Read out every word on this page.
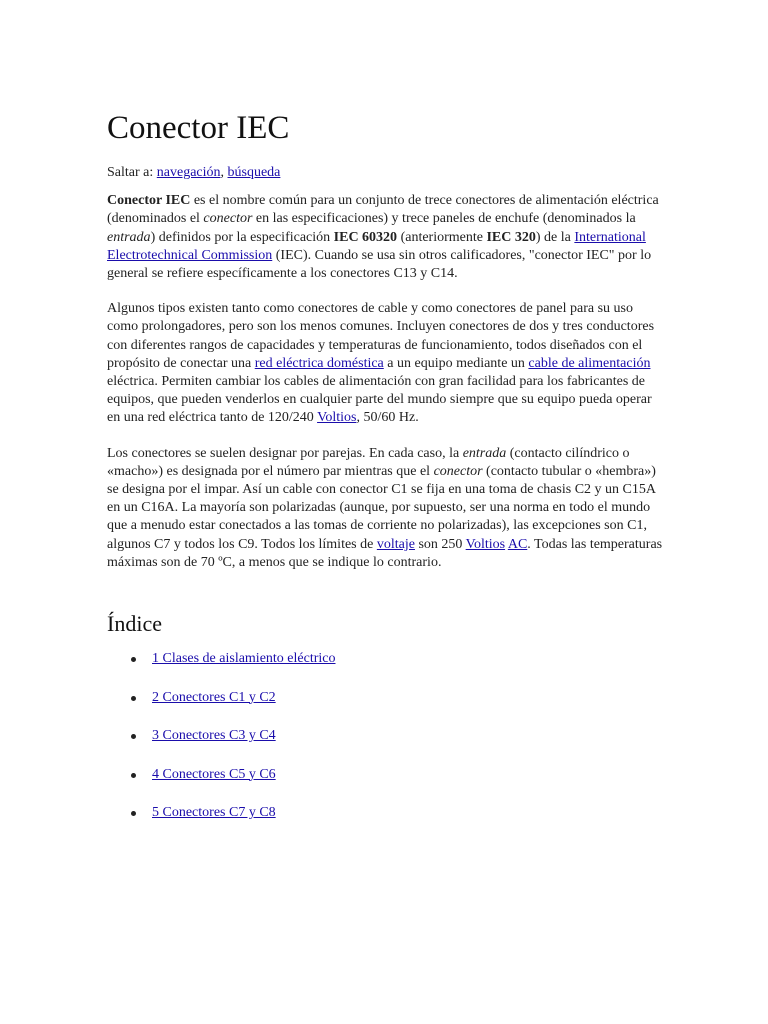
Conector IEC

Saltar a: navegación, búsqueda

Conector IEC es el nombre común para un conjunto de trece conectores de alimentación eléctrica (denominados el conector en las especificaciones) y trece paneles de enchufe (denominados la entrada) definidos por la especificación IEC 60320 (anteriormente IEC 320) de la International Electrotechnical Commission (IEC). Cuando se usa sin otros calificadores, "conector IEC" por lo general se refiere específicamente a los conectores C13 y C14.

Algunos tipos existen tanto como conectores de cable y como conectores de panel para su uso como prolongadores, pero son los menos comunes. Incluyen conectores de dos y tres conductores con diferentes rangos de capacidades y temperaturas de funcionamiento, todos diseñados con el propósito de conectar una red eléctrica doméstica a un equipo mediante un cable de alimentación eléctrica. Permiten cambiar los cables de alimentación con gran facilidad para los fabricantes de equipos, que pueden venderlos en cualquier parte del mundo siempre que su equipo pueda operar en una red eléctrica tanto de 120/240 Voltios, 50/60 Hz.

Los conectores se suelen designar por parejas. En cada caso, la entrada (contacto cilíndrico o «macho») es designada por el número par mientras que el conector (contacto tubular o «hembra») se designa por el impar. Así un cable con conector C1 se fija en una toma de chasis C2 y un C15A en un C16A. La mayoría son polarizadas (aunque, por supuesto, ser una norma en todo el mundo que a menudo estar conectados a las tomas de corriente no polarizadas), las excepciones son C1, algunos C7 y todos los C9. Todos los límites de voltaje son 250 Voltios AC. Todas las temperaturas máximas son de 70 ºC, a menos que se indique lo contrario.

Índice
1 Clases de aislamiento eléctrico
2 Conectores C1 y C2
3 Conectores C3 y C4
4 Conectores C5 y C6
5 Conectores C7 y C8
